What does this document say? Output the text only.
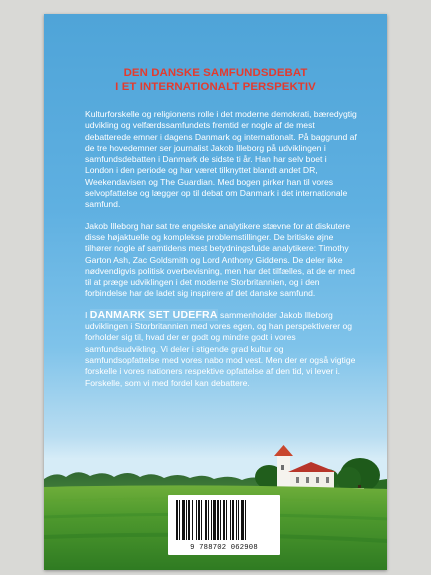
DEN DANSKE SAMFUNDSDEBAT
I ET INTERNATIONALT PERSPEKTIV

Kulturforskelle og religionens rolle i det moderne demokrati, bæredygtig udvikling og velfærdssamfundets fremtid er nogle af de mest debatterede emner i dagens Danmark og internationalt. På baggrund af de tre hovedemner ser journalist Jakob Illeborg på udviklingen i samfundsdebatten i Danmark de sidste ti år. Han har selv boet i London i den periode og har været tilknyttet blandt andet DR, Weekendavisen og The Guardian. Med bogen pirker han til vores selvopfattelse og lægger op til debat om Danmark i det internationale samfund.

Jakob Illeborg har sat tre engelske analytikere stævne for at diskutere disse højaktuelle og komplekse problemstillinger. De britiske øjne tilhører nogle af samtidens mest betydningsfulde analytikere: Timothy Garton Ash, Zac Goldsmith og Lord Anthony Giddens. De deler ikke nødvendigvis politisk overbevisning, men har det tilfælles, at de er med til at præge udviklingen i det moderne Storbritannien, og i den forbindelse har de ladet sig inspirere af det danske samfund.

I DANMARK SET UDEFRA sammenholder Jakob Illeborg udviklingen i Storbritannien med vores egen, og han perspektiverer og forholder sig til, hvad der er godt og mindre godt i vores samfundsudvikling. Vi deler i stigende grad kultur og samfundsopfattelse med vores nabo mod vest. Men der er også vigtige forskelle i vores nationers respektive opfattelse af den tid, vi lever i. Forskelle, som vi med fordel kan debattere.

9 788702 062908
